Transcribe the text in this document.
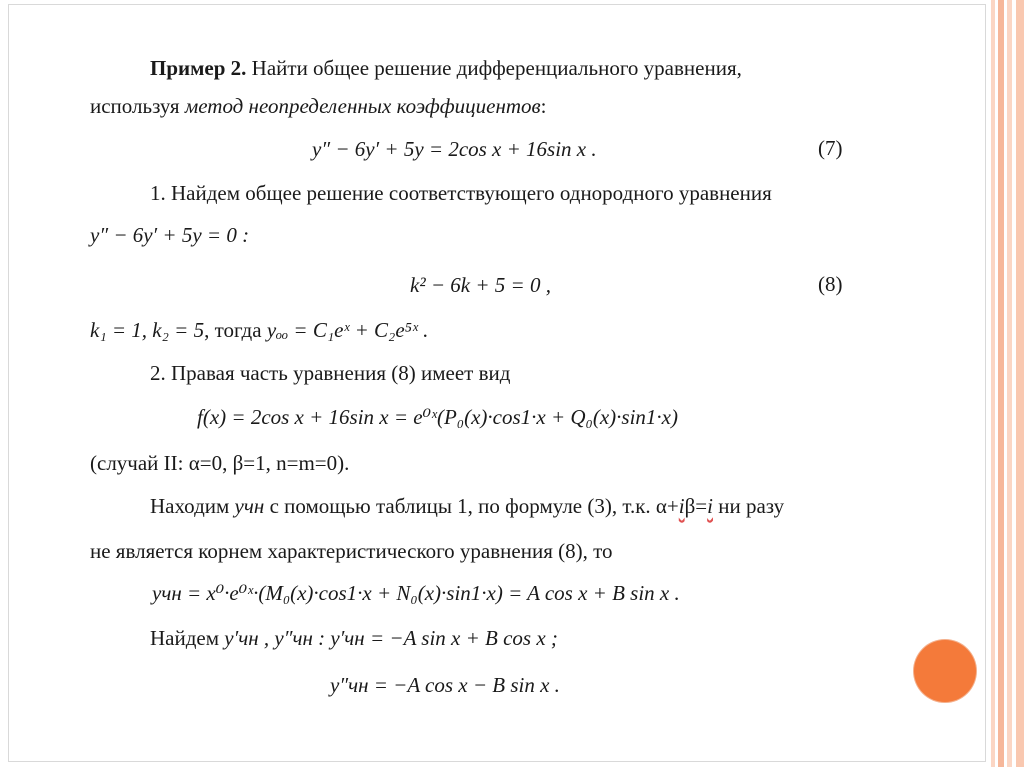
Пример 2. Найти общее решение дифференциального уравнения,
используя метод неопределенных коэффициентов:
y″ − 6y′ + 5y = 2cos x + 16sin x .	(7)
1. Найдем общее решение соответствующего однородного уравнения
y″ − 6y′ + 5y = 0 :
k² − 6k + 5 = 0 ,	(8)
k₁ = 1, k₂ = 5, тогда yₒₒ = C₁eˣ + C₂e⁵ˣ .
2. Правая часть уравнения (8) имеет вид
f(x) = 2cos x + 16sin x = e⁰ˣ(P₀(x)·cos1·x + Q₀(x)·sin1·x)
(случай II: α=0, β=1, n=m=0).
Находим yчн с помощью таблицы 1, по формуле (3), т.к. α+iβ=i ни разу
не является корнем характеристического уравнения (8), то
yчн = x⁰·e⁰ˣ·(M₀(x)·cos1·x + N₀(x)·sin1·x) = A cos x + B sin x .
Найдем y′чн , y″чн : y′чн = −A sin x + B cos x ;
y″чн = −A cos x − B sin x .
